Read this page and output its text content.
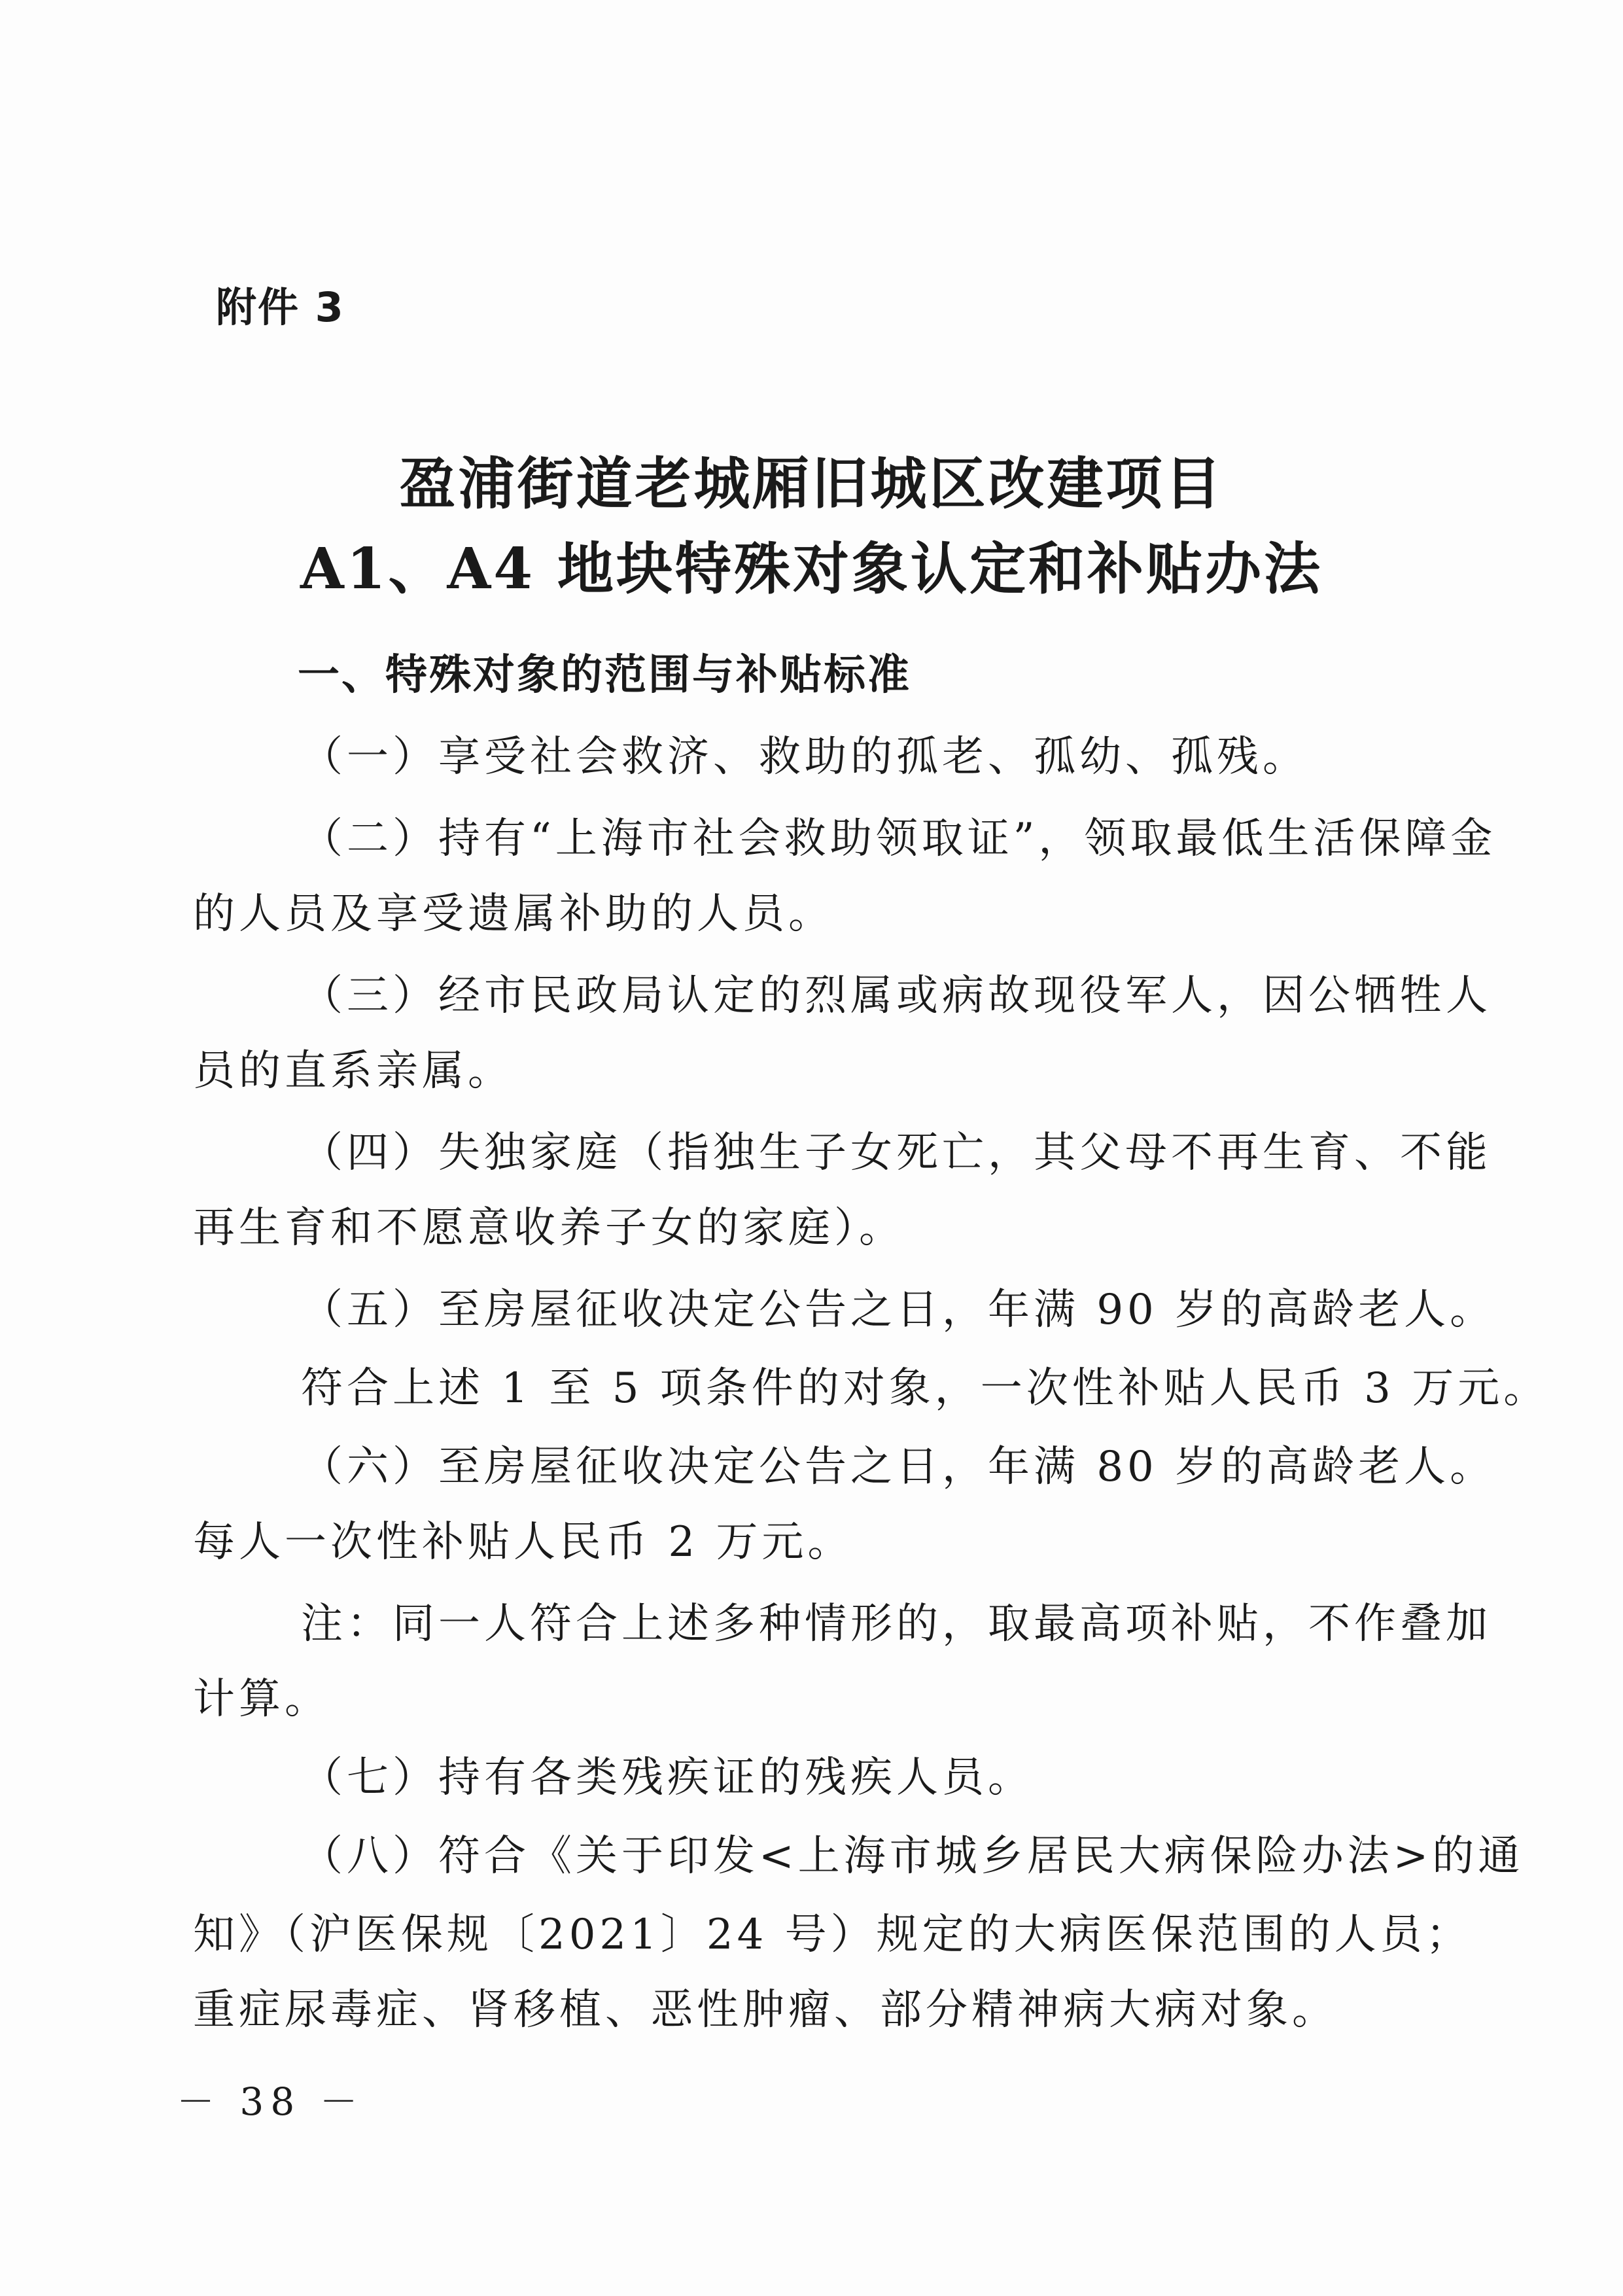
附件 3
盈浦街道老城厢旧城区改建项目
A1、A4 地块特殊对象认定和补贴办法
一、特殊对象的范围与补贴标准
（一）享受社会救济、救助的孤老、孤幼、孤残。
（二）持有“上海市社会救助领取证”，领取最低生活保障金
的人员及享受遗属补助的人员。
（三）经市民政局认定的烈属或病故现役军人，因公牺牲人
员的直系亲属。
（四）失独家庭（指独生子女死亡，其父母不再生育、不能
再生育和不愿意收养子女的家庭）。
（五）至房屋征收决定公告之日，年满 90 岁的高龄老人。
符合上述 1 至 5 项条件的对象，一次性补贴人民币 3 万元。
（六）至房屋征收决定公告之日，年满 80 岁的高龄老人。
每人一次性补贴人民币 2 万元。
注：同一人符合上述多种情形的，取最高项补贴，不作叠加
计算。
（七）持有各类残疾证的残疾人员。
（八）符合《关于印发<上海市城乡居民大病保险办法>的通
知》（沪医保规〔2021〕24 号）规定的大病医保范围的人员；
重症尿毒症、肾移植、恶性肿瘤、部分精神病大病对象。
－ 38 －
